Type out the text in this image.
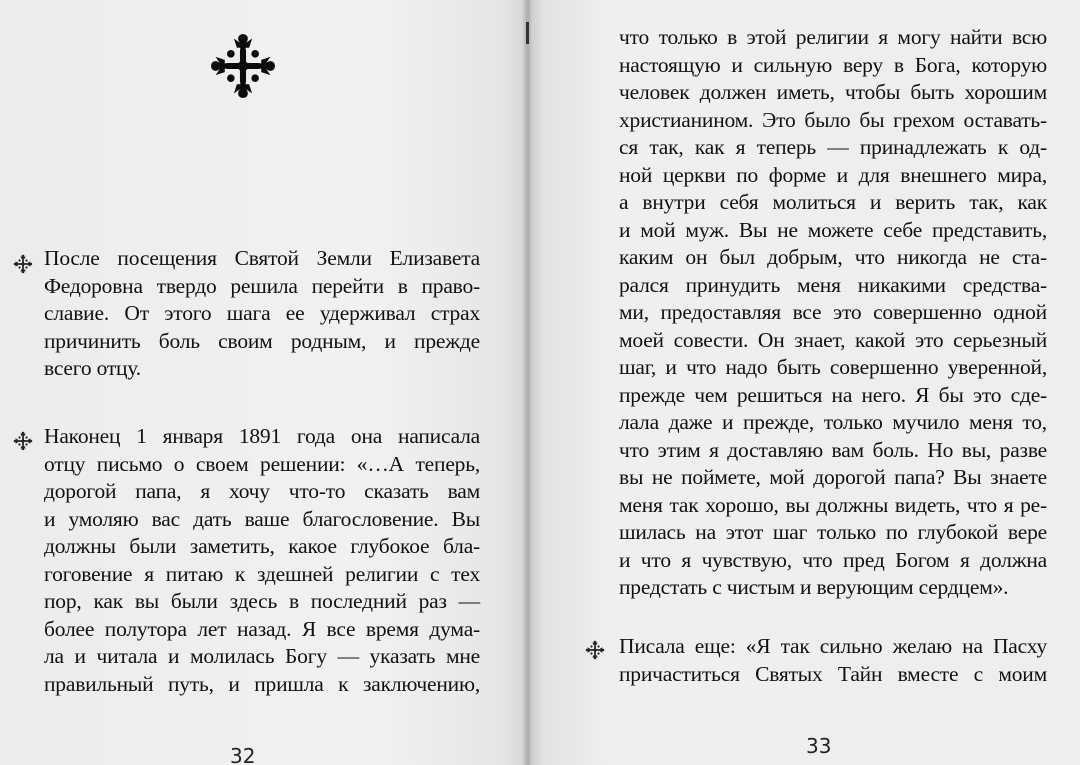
После посещения Святой Земли Елизавета
Федоровна твердо решила перейти в право-
славие. От этого шага ее удерживал страх
причинить боль своим родным, и прежде
всего отцу.
Наконец 1 января 1891 года она написала
отцу письмо о своем решении: «…А теперь,
дорогой папа, я хочу что-то сказать вам
и умоляю вас дать ваше благословение. Вы
должны были заметить, какое глубокое бла-
гоговение я питаю к здешней религии с тех
пор, как вы были здесь в последний раз —
более полутора лет назад. Я все время дума-
ла и читала и молилась Богу — указать мне
правильный путь, и пришла к заключению,
32
что только в этой религии я могу найти всю
настоящую и сильную веру в Бога, которую
человек должен иметь, чтобы быть хорошим
христианином. Это было бы грехом оставать-
ся так, как я теперь — принадлежать к од-
ной церкви по форме и для внешнего мира,
а внутри себя молиться и верить так, как
и мой муж. Вы не можете себе представить,
каким он был добрым, что никогда не ста-
рался принудить меня никакими средства-
ми, предоставляя все это совершенно одной
моей совести. Он знает, какой это серьезный
шаг, и что надо быть совершенно уверенной,
прежде чем решиться на него. Я бы это сде-
лала даже и прежде, только мучило меня то,
что этим я доставляю вам боль. Но вы, разве
вы не поймете, мой дорогой папа? Вы знаете
меня так хорошо, вы должны видеть, что я ре-
шилась на этот шаг только по глубокой вере
и что я чувствую, что пред Богом я должна
предстать с чистым и верующим сердцем».
Писала еще: «Я так сильно желаю на Пасху
причаститься Святых Тайн вместе с моим
33
